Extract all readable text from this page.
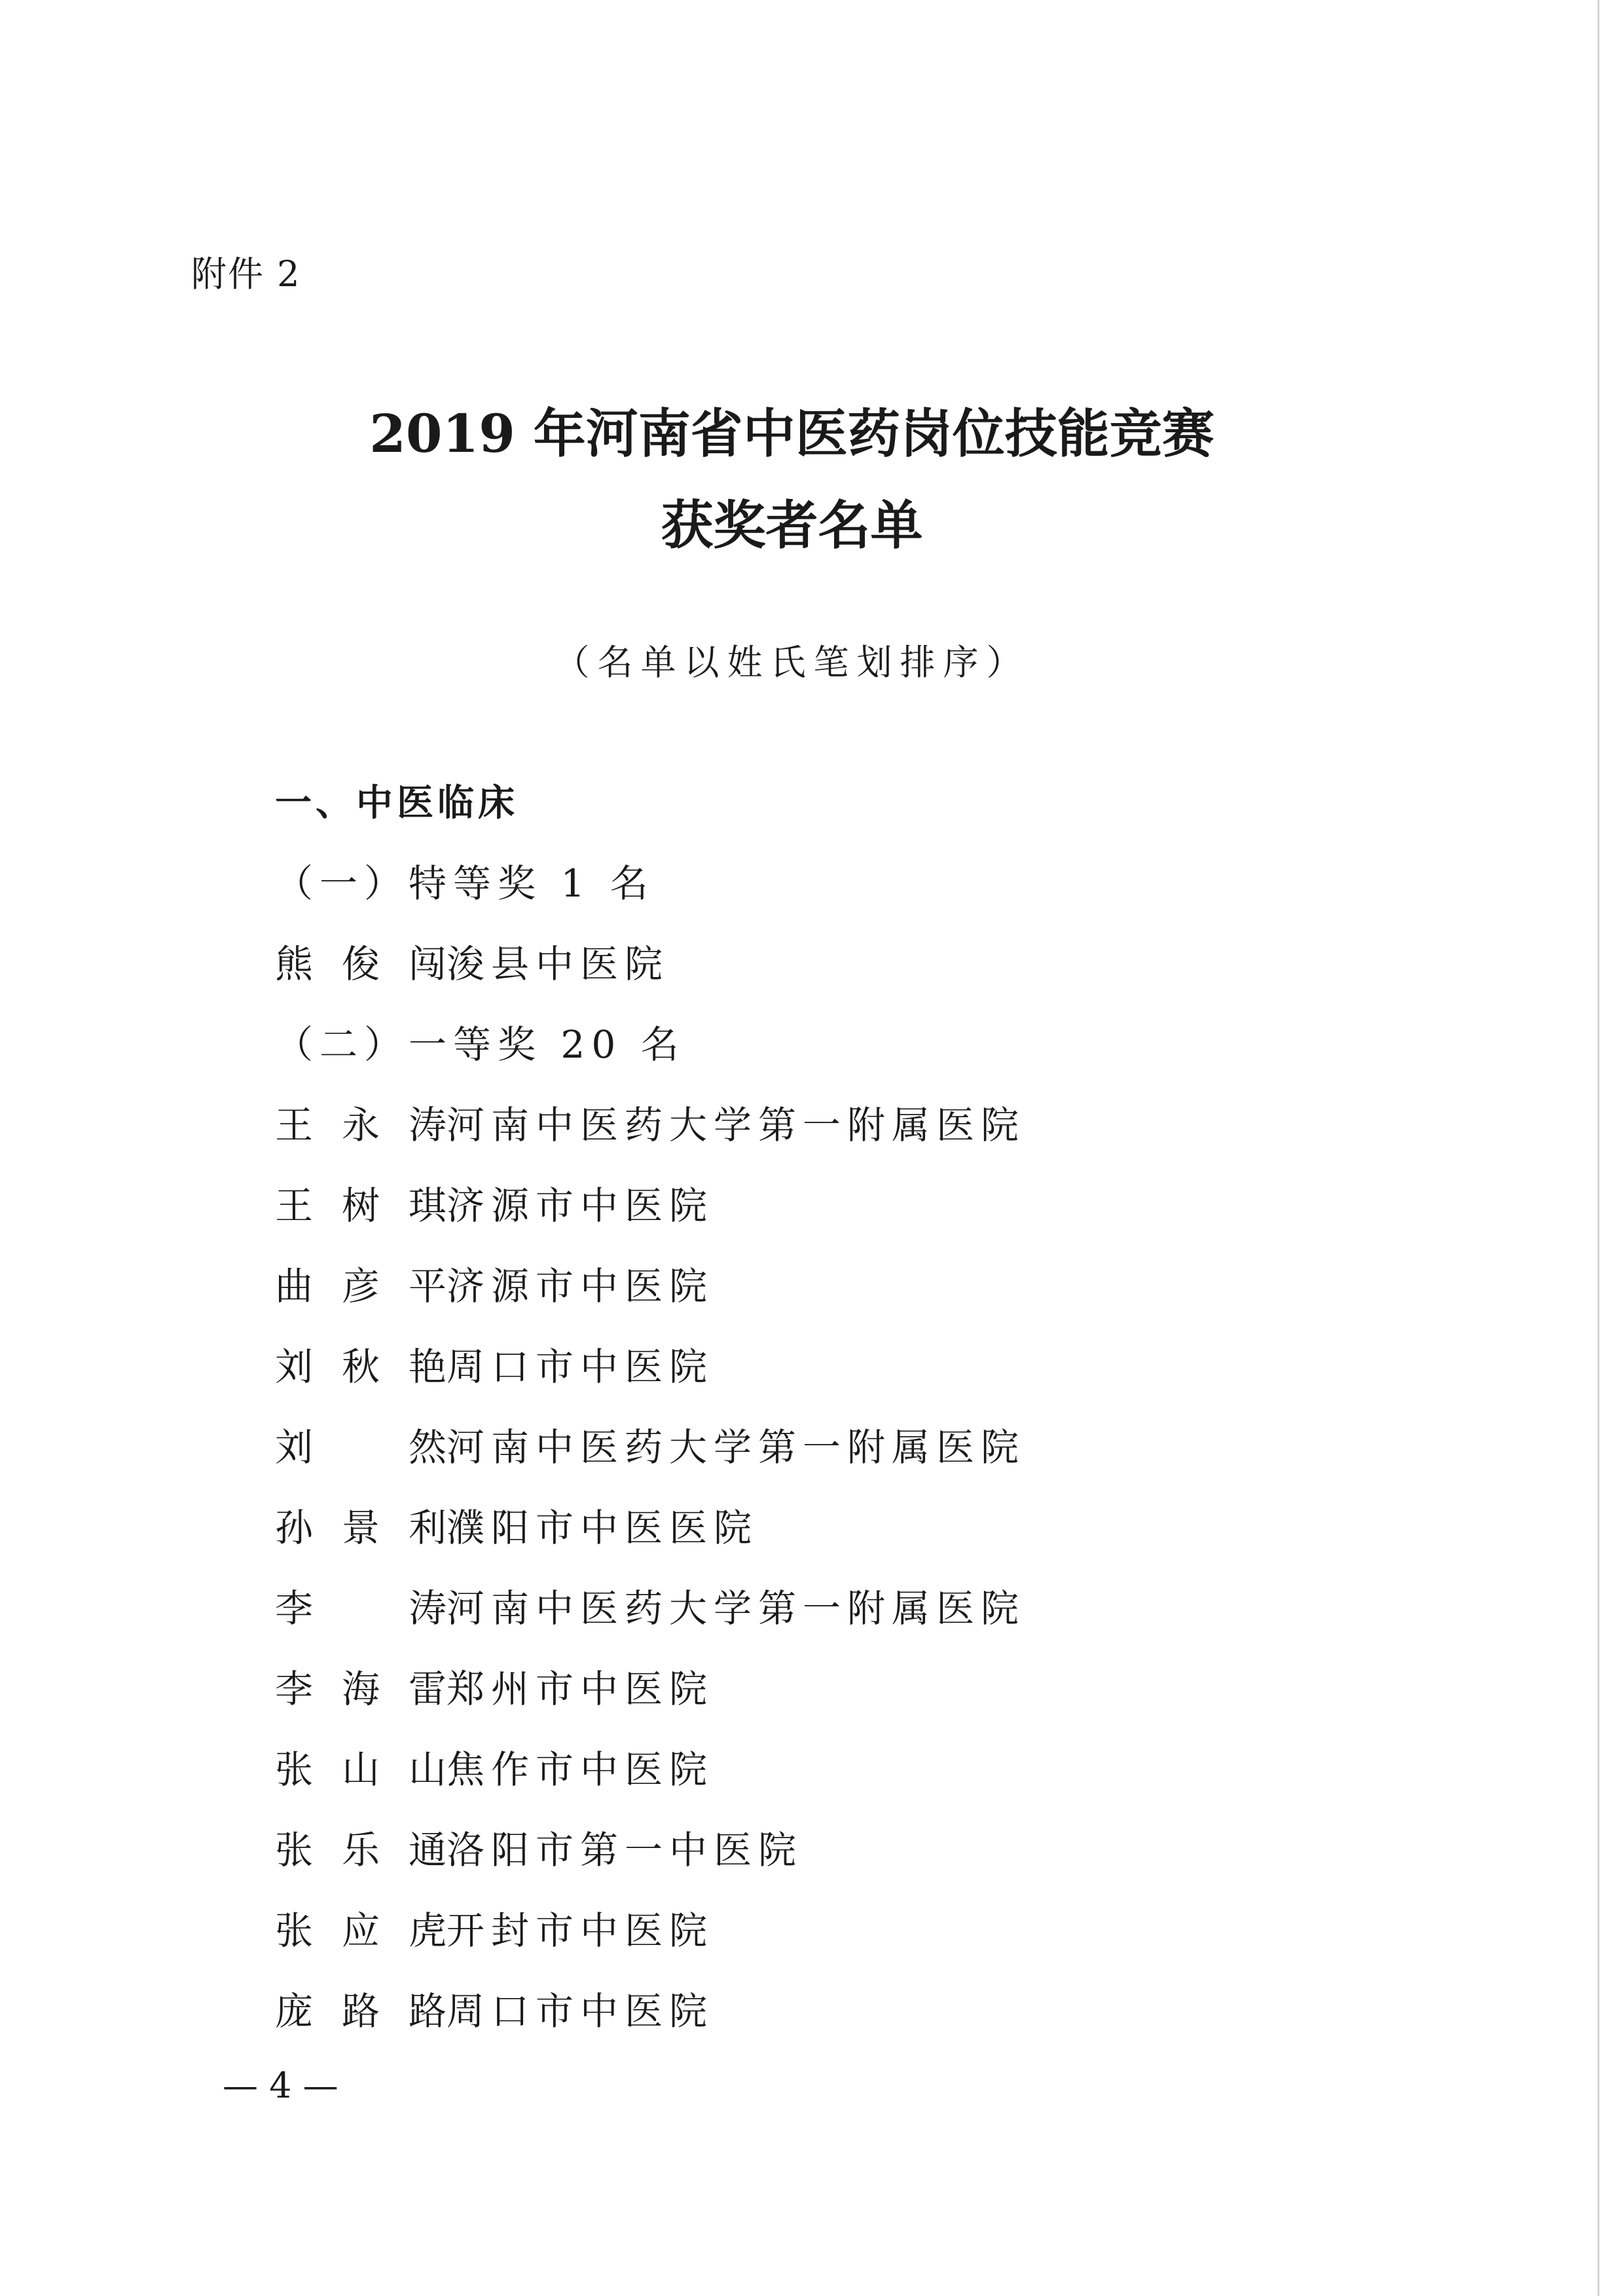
附件 2
2019 年河南省中医药岗位技能竞赛
获奖者名单
（名单以姓氏笔划排序）
一、中医临床
（一）特等奖 1 名
熊俊闯 浚县中医院
（二）一等奖 20 名
王永涛 河南中医药大学第一附属医院
王树琪 济源市中医院
曲彦平 济源市中医院
刘秋艳 周口市中医院
刘然 河南中医药大学第一附属医院
孙景利 濮阳市中医医院
李涛 河南中医药大学第一附属医院
李海雷 郑州市中医院
张山山 焦作市中医院
张乐通 洛阳市第一中医院
张应虎 开封市中医院
庞路路 周口市中医院
— 4 —
